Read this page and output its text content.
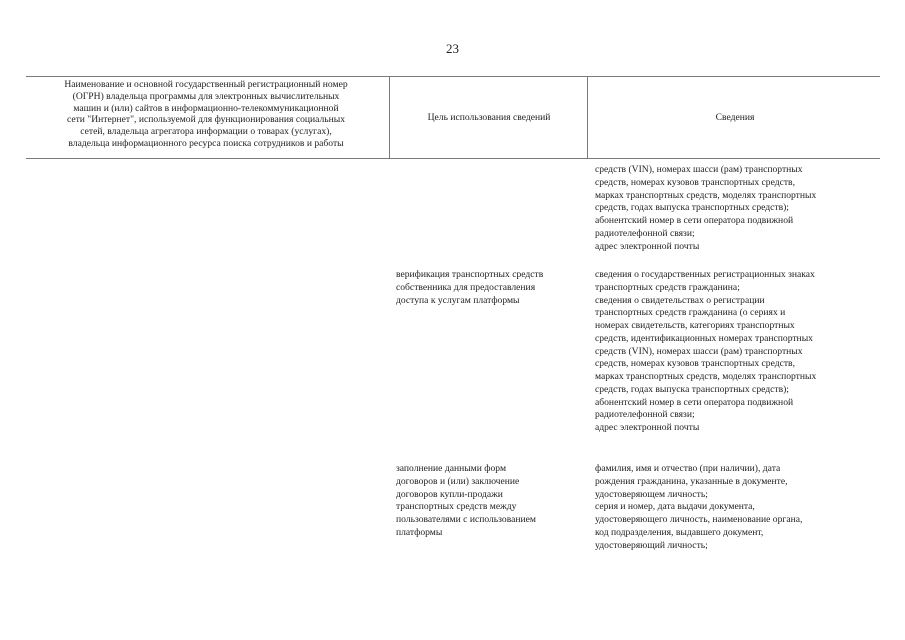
23
Наименование и основной государственный регистрационный номер
(ОГРН) владельца программы для электронных вычислительных
машин и (или) сайтов в информационно-телекоммуникационной
сети "Интернет", используемой для функционирования социальных
сетей, владельца агрегатора информации о товарах (услугах),
владельца информационного ресурса поиска сотрудников и работы
Цель использования сведений	Сведения
средств (VIN), номерах шасси (рам) транспортных
средств, номерах кузовов транспортных средств,
марках транспортных средств, моделях транспортных
средств, годах выпуска транспортных средств);
абонентский номер в сети оператора подвижной
радиотелефонной связи;
адрес электронной почты
верификация транспортных средств
собственника для предоставления
доступа к услугам платформы
сведения о государственных регистрационных знаках
транспортных средств гражданина;
сведения о свидетельствах о регистрации
транспортных средств гражданина (о сериях и
номерах свидетельств, категориях транспортных
средств, идентификационных номерах транспортных
средств (VIN), номерах шасси (рам) транспортных
средств, номерах кузовов транспортных средств,
марках транспортных средств, моделях транспортных
средств, годах выпуска транспортных средств);
абонентский номер в сети оператора подвижной
радиотелефонной связи;
адрес электронной почты
заполнение данными форм
договоров и (или) заключение
договоров купли-продажи
транспортных средств между
пользователями с использованием
платформы
фамилия, имя и отчество (при наличии), дата
рождения гражданина, указанные в документе,
удостоверяющем личность;
серия и номер, дата выдачи документа,
удостоверяющего личность, наименование органа,
код подразделения, выдавшего документ,
удостоверяющий личность;
